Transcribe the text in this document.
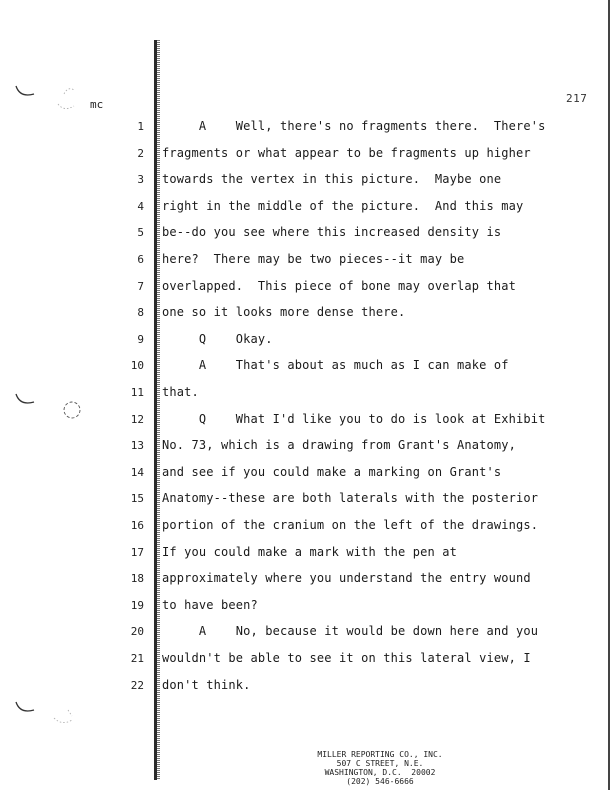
mc	217
1 A    Well, there's no fragments there.  There's
2 fragments or what appear to be fragments up higher
3 towards the vertex in this picture.  Maybe one
4 right in the middle of the picture.  And this may
5 be--do you see where this increased density is
6 here?  There may be two pieces--it may be
7 overlapped.  This piece of bone may overlap that
8 one so it looks more dense there.
9 Q    Okay.
10 A    That's about as much as I can make of
11 that.
12 Q    What I'd like you to do is look at Exhibit
13 No. 73, which is a drawing from Grant's Anatomy,
14 and see if you could make a marking on Grant's
15 Anatomy--these are both laterals with the posterior
16 portion of the cranium on the left of the drawings.
17 If you could make a mark with the pen at
18 approximately where you understand the entry wound
19 to have been?
20 A    No, because it would be down here and you
21 wouldn't be able to see it on this lateral view, I
22 don't think.
MILLER REPORTING CO., INC.
507 C STREET, N.E.
WASHINGTON, D.C.  20002
(202) 546-6666
